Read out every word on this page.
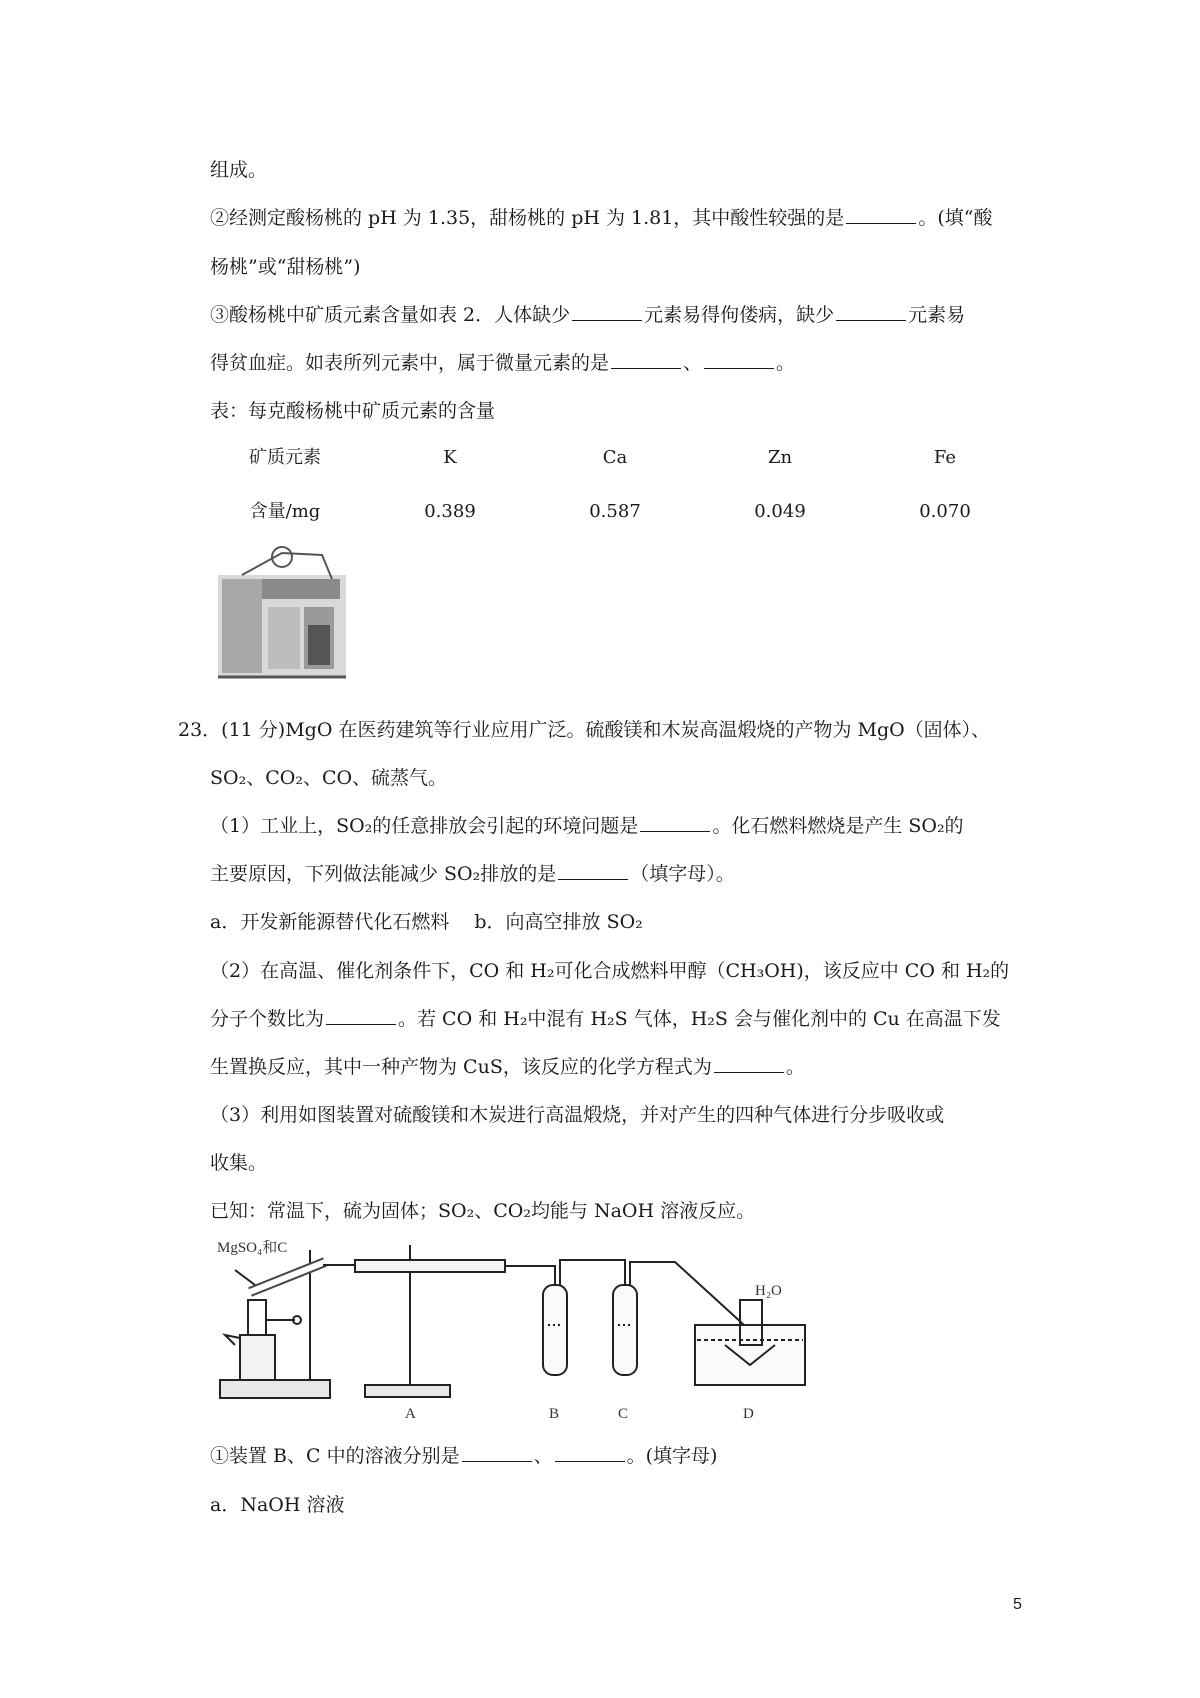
组成。
②经测定酸杨桃的 pH 为 1.35，甜杨桃的 pH 为 1.81，其中酸性较强的是	。(填“酸
杨桃”或“甜杨桃”)
③酸杨桃中矿质元素含量如表 2．人体缺少	元素易得佝偻病，缺少	元素易
得贫血症。如表所列元素中，属于微量元素的是	、	。
表：每克酸杨桃中矿质元素的含量
矿质元素	K	Ca	Zn	Fe
含量/mg	0.389	0.587	0.049	0.070
23．(11 分)MgO 在医药建筑等行业应用广泛。硫酸镁和木炭高温煅烧的产物为 MgO（固体）、
SO₂、CO₂、CO、硫蒸气。
（1）工业上，SO₂的任意排放会引起的环境问题是	。化石燃料燃烧是产生 SO₂的
主要原因，下列做法能减少 SO₂排放的是	（填字母）。
a．开发新能源替代化石燃料　 b．向高空排放 SO₂
（2）在高温、催化剂条件下，CO 和 H₂可化合成燃料甲醇（CH₃OH)，该反应中 CO 和 H₂的
分子个数比为	。若 CO 和 H₂中混有 H₂S 气体，H₂S 会与催化剂中的 Cu 在高温下发
生置换反应，其中一种产物为 CuS，该反应的化学方程式为	。
（3）利用如图装置对硫酸镁和木炭进行高温煅烧，并对产生的四种气体进行分步吸收或
收集。
已知：常温下，硫为固体；SO₂、CO₂均能与 NaOH 溶液反应。
MgSO₄和C
H₂O
A	B	C	D
①装置 B、C 中的溶液分别是	、	。(填字母)
a．NaOH 溶液
5
